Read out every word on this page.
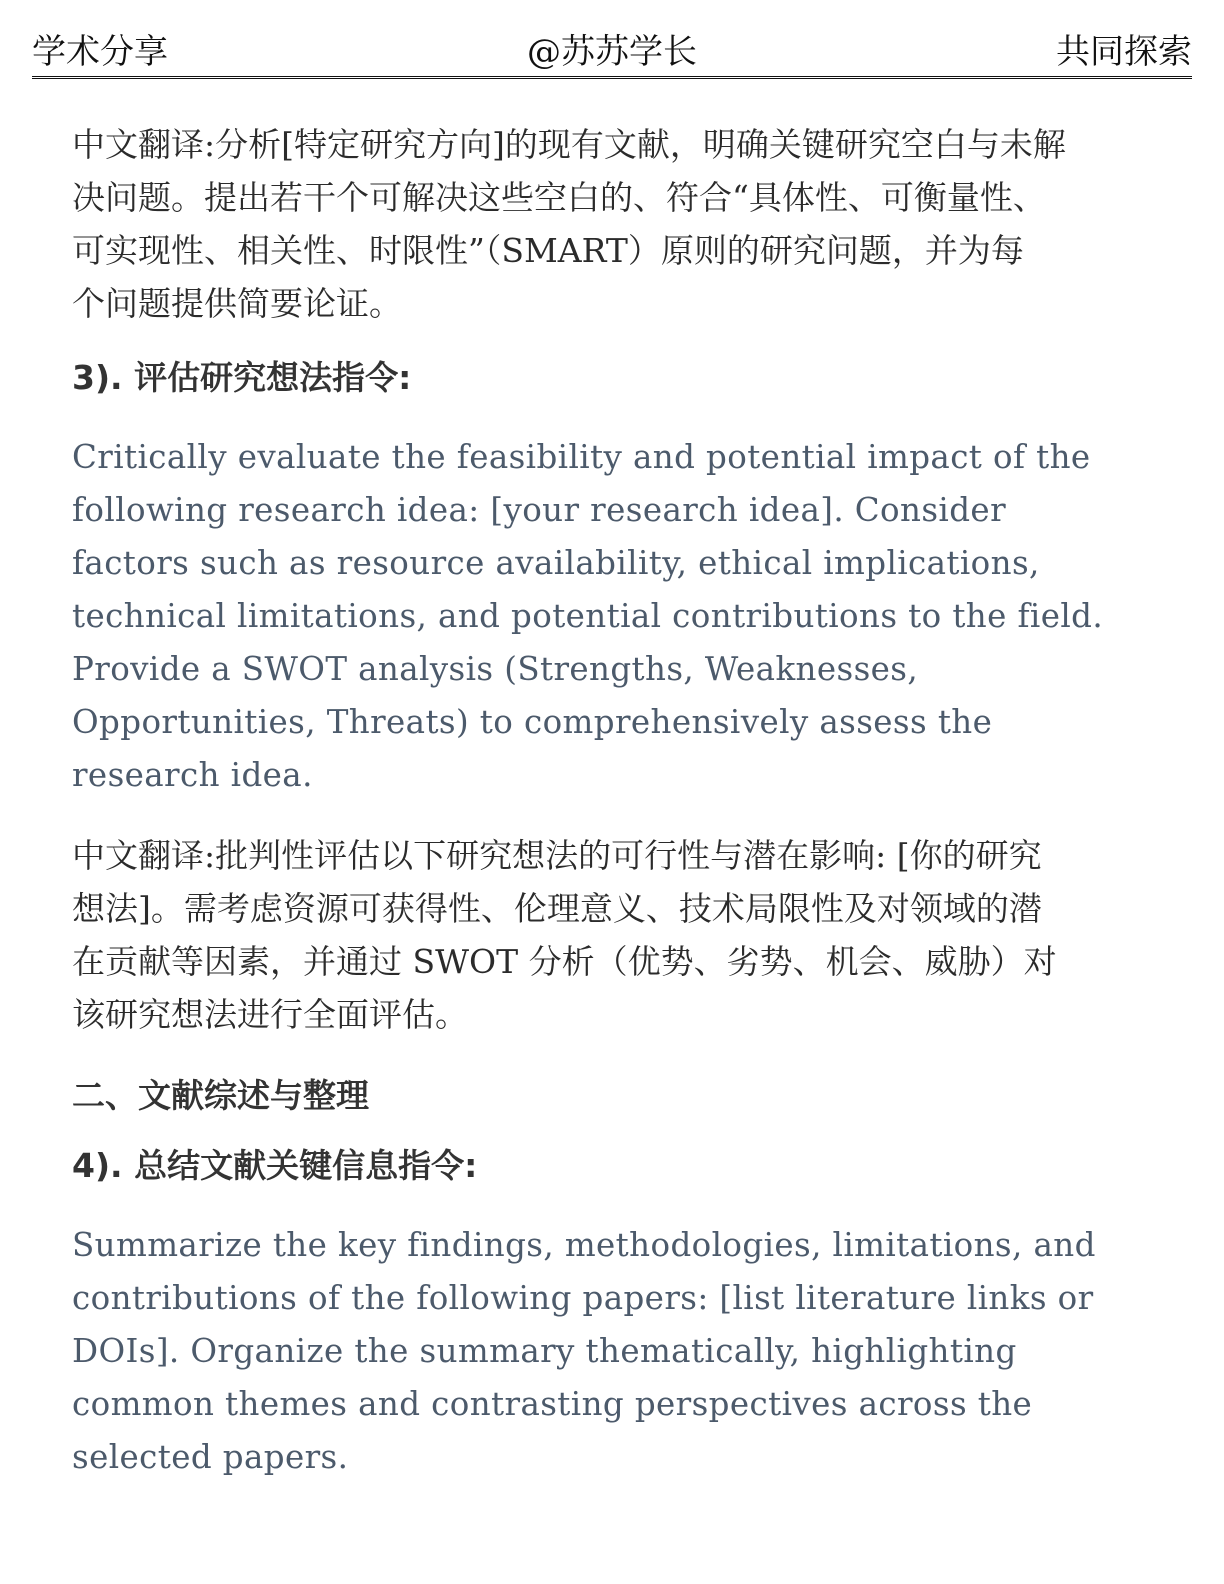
学术分享	@苏苏学长	共同探索
中文翻译:分析[特定研究方向]的现有文献，明确关键研究空白与未解
决问题。提出若干个可解决这些空白的、符合“具体性、可衡量性、
可实现性、相关性、时限性”（SMART）原则的研究问题，并为每
个问题提供简要论证。
3). 评估研究想法指令:
Critically evaluate the feasibility and potential impact of the
following research idea: [your research idea]. Consider
factors such as resource availability, ethical implications,
technical limitations, and potential contributions to the field.
Provide a SWOT analysis (Strengths, Weaknesses,
Opportunities, Threats) to comprehensively assess the
research idea.
中文翻译:批判性评估以下研究想法的可行性与潜在影响: [你的研究
想法]。需考虑资源可获得性、伦理意义、技术局限性及对领域的潜
在贡献等因素，并通过 SWOT 分析（优势、劣势、机会、威胁）对
该研究想法进行全面评估。
二、文献综述与整理
4). 总结文献关键信息指令:
Summarize the key findings, methodologies, limitations, and
contributions of the following papers: [list literature links or
DOIs]. Organize the summary thematically, highlighting
common themes and contrasting perspectives across the
selected papers.
